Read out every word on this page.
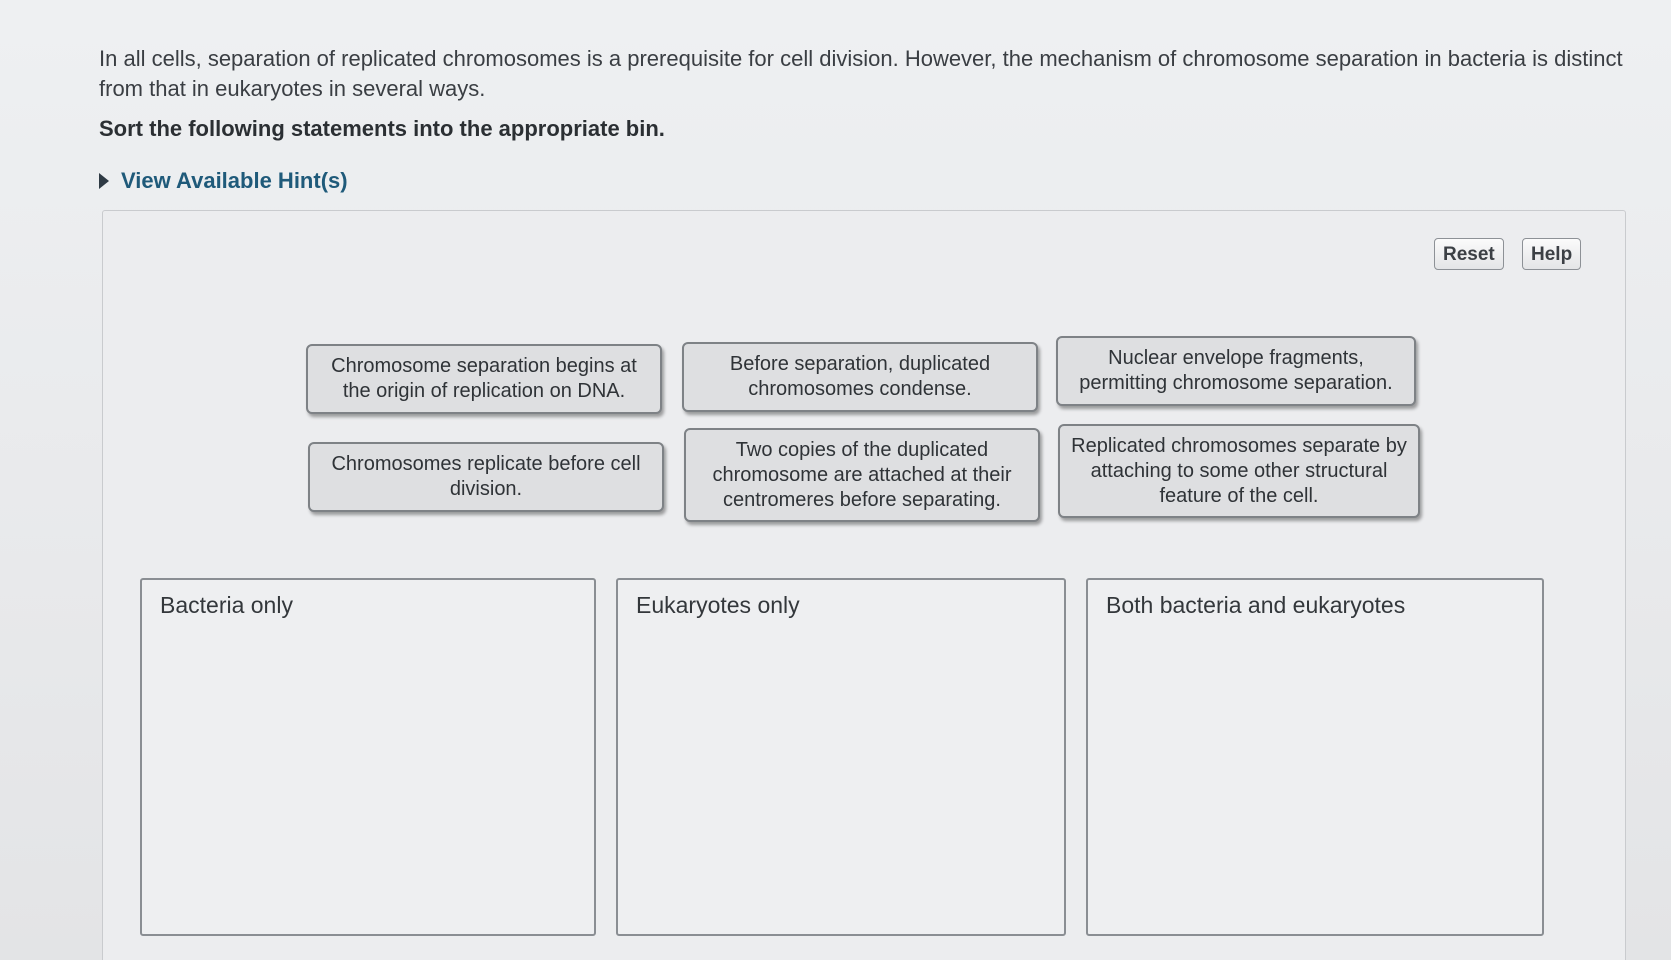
In all cells, separation of replicated chromosomes is a prerequisite for cell division. However, the mechanism of chromosome separation in bacteria is distinct from that in eukaryotes in several ways.
Sort the following statements into the appropriate bin.
View Available Hint(s)
Reset	Help
Chromosome separation begins at the origin of replication on DNA.
Before separation, duplicated chromosomes condense.
Nuclear envelope fragments, permitting chromosome separation.
Chromosomes replicate before cell division.
Two copies of the duplicated chromosome are attached at their centromeres before separating.
Replicated chromosomes separate by attaching to some other structural feature of the cell.
Bacteria only	Eukaryotes only	Both bacteria and eukaryotes
